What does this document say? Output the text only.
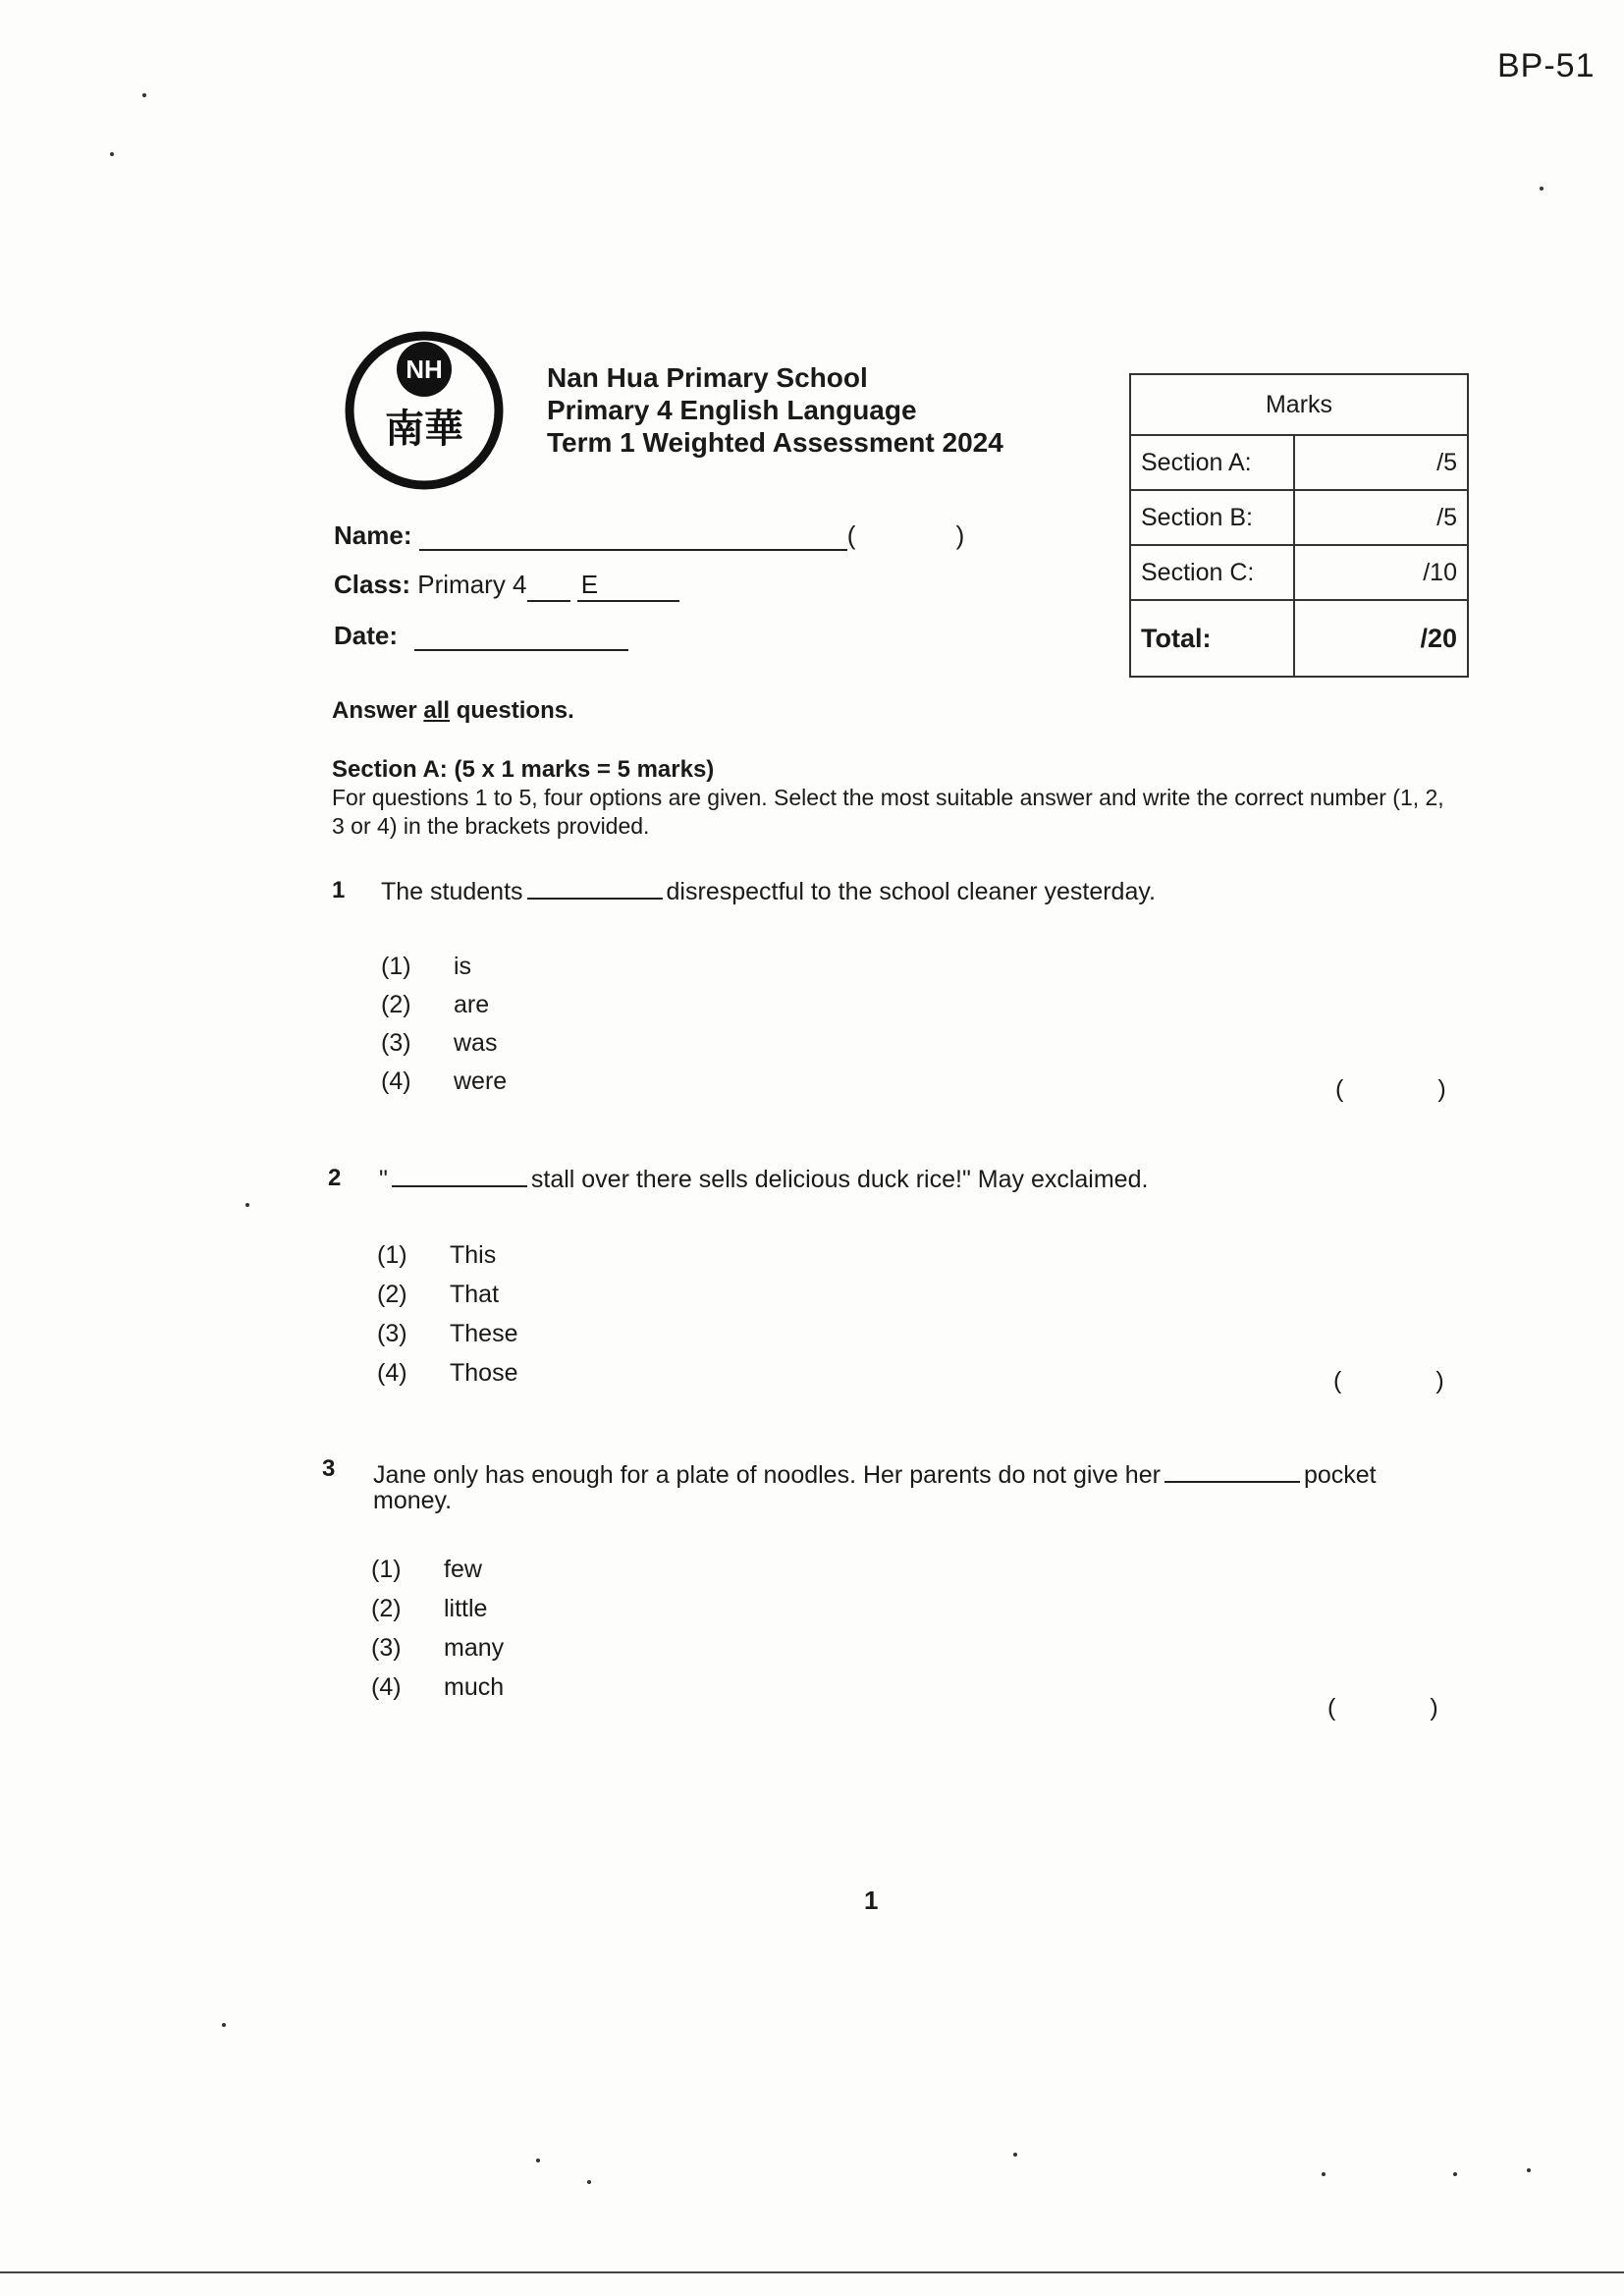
BP-51
NH
南華
Nan Hua Primary School
Primary 4 English Language
Term 1 Weighted Assessment 2024
Name:	(	)
Class: Primary 4 E
Date:
Marks	
Section A:	/5
Section B:	/5
Section C:	/10
Total:	/20
Answer all questions.
Section A: (5 x 1 marks = 5 marks)
For questions 1 to 5, four options are given. Select the most suitable answer and write the correct number (1, 2, 3 or 4) in the brackets provided.
1 The students	disrespectful to the school cleaner yesterday.
(1) is
(2) are
(3) was
(4) were	(	)
2 "	stall over there sells delicious duck rice!" May exclaimed.
(1) This
(2) That
(3) These
(4) Those	(	)
3 Jane only has enough for a plate of noodles. Her parents do not give her	pocket
money.
(1) few
(2) little
(3) many
(4) much
(	)
1
